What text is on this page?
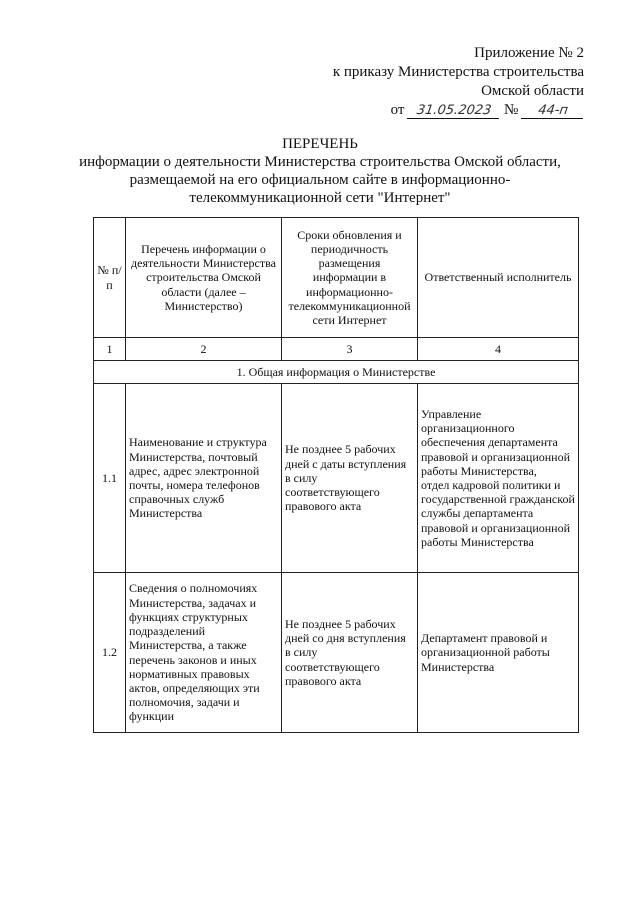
Приложение № 2
к приказу Министерства строительства
Омской области
от 31.05.2023 № 44-п
ПЕРЕЧЕНЬ
информации о деятельности Министерства строительства Омской области,
размещаемой на его официальном сайте в информационно-
телекоммуникационной сети "Интернет"
№ п/п	Перечень информации о деятельности Министерства строительства Омской области (далее – Министерство)	Сроки обновления и периодичность размещения информации в информационно-телекоммуникационной сети Интернет	Ответственный исполнитель
1	2	3	4
1. Общая информация о Министерстве			
1.1	Наименование и структура Министерства, почтовый адрес, адрес электронной почты, номера телефонов справочных служб Министерства	Не позднее 5 рабочих дней с даты вступления в силу соответствующего правового акта	Управление организационного обеспечения департамента правовой и организационной работы Министерства,
отдел кадровой политики и государственной гражданской службы департамента правовой и организационной работы Министерства

1.2	Сведения о полномочиях Министерства, задачах и функциях структурных подразделений Министерства, а также перечень законов и иных нормативных правовых актов, определяющих эти полномочия, задачи и функции	Не позднее 5 рабочих дней со дня вступления в силу соответствующего правового акта	Департамент правовой и организационной работы Министерства
